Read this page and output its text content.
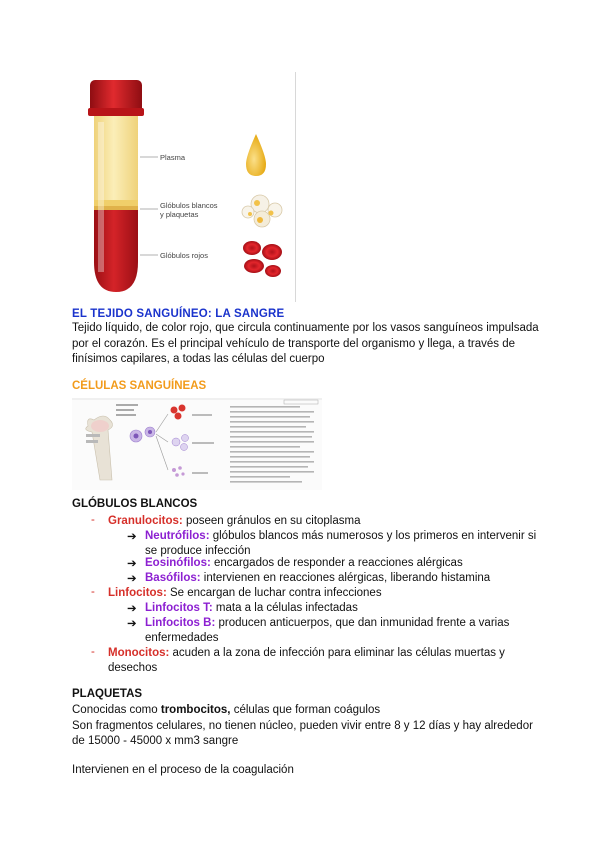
Plasma
Glóbulos blancos
y plaquetas
Glóbulos rojos
EL TEJIDO SANGUÍNEO: LA SANGRE
Tejido líquido, de color rojo, que circula continuamente por los vasos sanguíneos impulsada
por el corazón. Es el principal vehículo de transporte del organismo y llega, a través de
finísimos capilares, a todas las células del cuerpo
CÉLULAS SANGUÍNEAS
GLÓBULOS BLANCOS
- Granulocitos: poseen gránulos en su citoplasma
➔ Neutrófilos: glóbulos blancos más numerosos y los primeros en intervenir si
se produce infección
➔ Eosinófilos: encargados de responder a reacciones alérgicas
➔ Basófilos: intervienen en reacciones alérgicas, liberando histamina
- Linfocitos: Se encargan de luchar contra infecciones
➔ Linfocitos T: mata a la células infectadas
➔ Linfocitos B: producen anticuerpos, que dan inmunidad frente a varias
enfermedades
- Monocitos: acuden a la zona de infección para eliminar las células muertas y
desechos
PLAQUETAS
Conocidas como trombocitos, células que forman coágulos
Son fragmentos celulares, no tienen núcleo, pueden vivir entre 8 y 12 días y hay alrededor
de 15000 - 45000 x mm3 sangre
Intervienen en el proceso de la coagulación
